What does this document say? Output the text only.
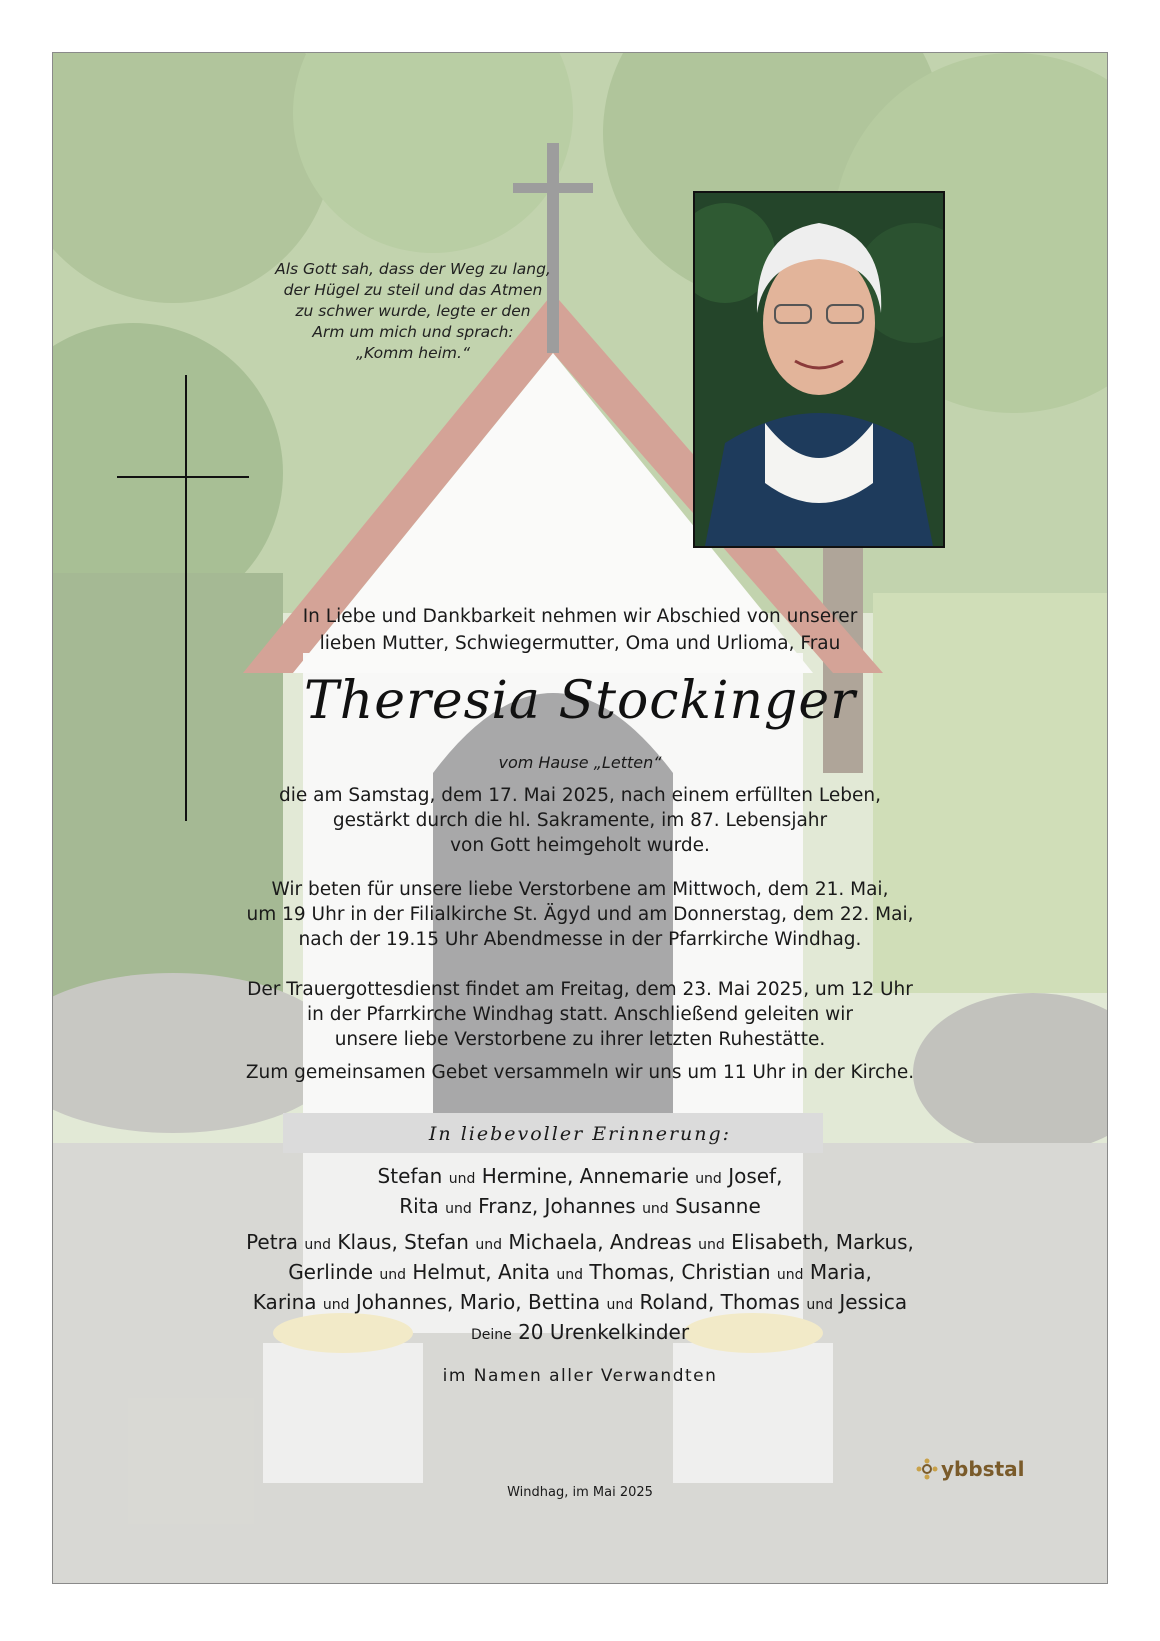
Als Gott sah, dass der Weg zu lang,
der Hügel zu steil und das Atmen
zu schwer wurde, legte er den
Arm um mich und sprach:
„Komm heim.“
In Liebe und Dankbarkeit nehmen wir Abschied von unserer
lieben Mutter, Schwiegermutter, Oma und Urlioma, Frau
Theresia Stockinger
vom Hause „Letten“
die am Samstag, dem 17. Mai 2025, nach einem erfüllten Leben,
gestärkt durch die hl. Sakramente, im 87. Lebensjahr
von Gott heimgeholt wurde.
Wir beten für unsere liebe Verstorbene am Mittwoch, dem 21. Mai,
um 19 Uhr in der Filialkirche St. Ägyd und am Donnerstag, dem 22. Mai,
nach der 19.15 Uhr Abendmesse in der Pfarrkirche Windhag.
Der Trauergottesdienst findet am Freitag, dem 23. Mai 2025, um 12 Uhr
in der Pfarrkirche Windhag statt. Anschließend geleiten wir
unsere liebe Verstorbene zu ihrer letzten Ruhestätte.
Zum gemeinsamen Gebet versammeln wir uns um 11 Uhr in der Kirche.
In liebevoller Erinnerung:
Stefan und Hermine, Annemarie und Josef,
Rita und Franz, Johannes und Susanne
Petra und Klaus, Stefan und Michaela, Andreas und Elisabeth, Markus,
Gerlinde und Helmut, Anita und Thomas, Christian und Maria,
Karina und Johannes, Mario, Bettina und Roland, Thomas und Jessica
Deine 20 Urenkelkinder
im Namen aller Verwandten
Windhag, im Mai 2025
ybbstal
